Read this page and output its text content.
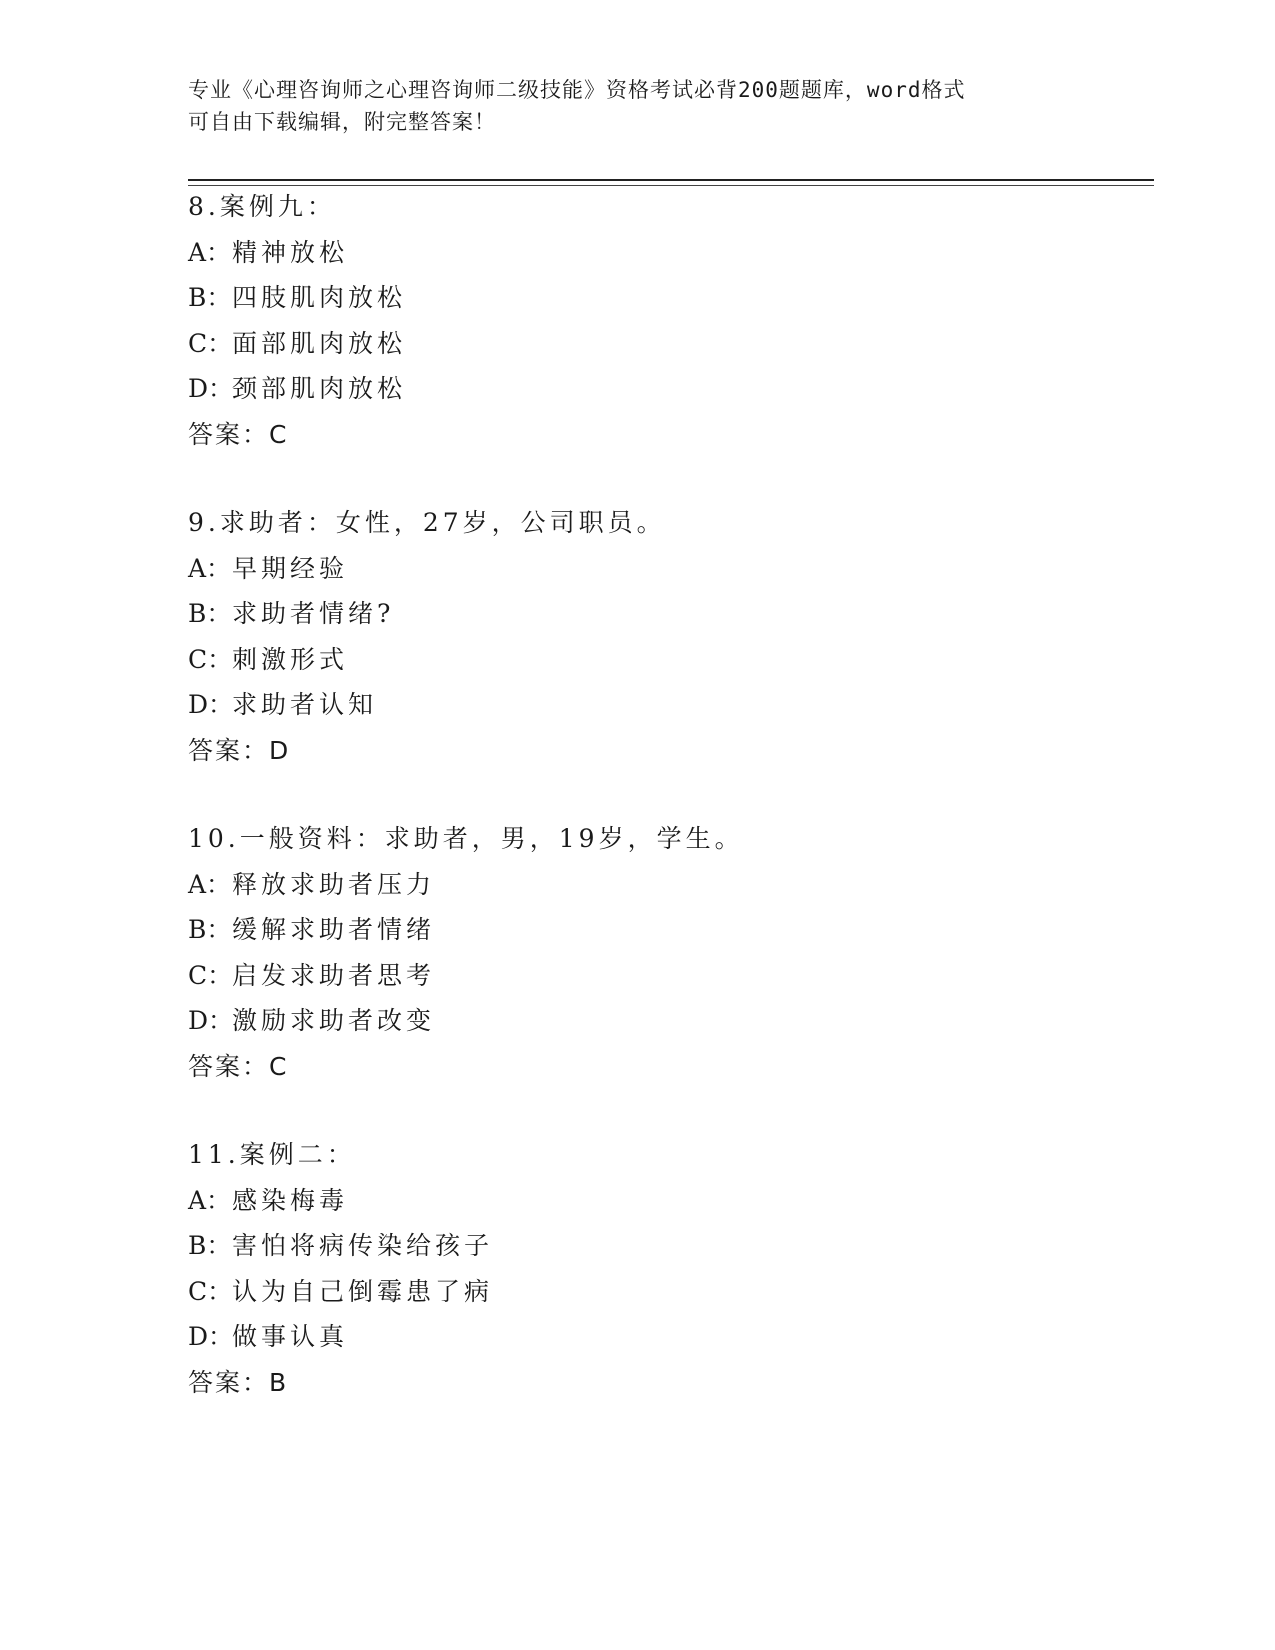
专业《心理咨询师之心理咨询师二级技能》资格考试必背200题题库，word格式
可自由下载编辑，附完整答案！
8.案例九：
A：精神放松
B：四肢肌肉放松
C：面部肌肉放松
D：颈部肌肉放松
答案：C
9.求助者：女性，27岁，公司职员。
A：早期经验
B：求助者情绪?
C：刺激形式
D：求助者认知
答案：D
10.一般资料：求助者，男，19岁，学生。
A：释放求助者压力
B：缓解求助者情绪
C：启发求助者思考
D：激励求助者改变
答案：C
11.案例二：
A：感染梅毒
B：害怕将病传染给孩子
C：认为自己倒霉患了病
D：做事认真
答案：B
